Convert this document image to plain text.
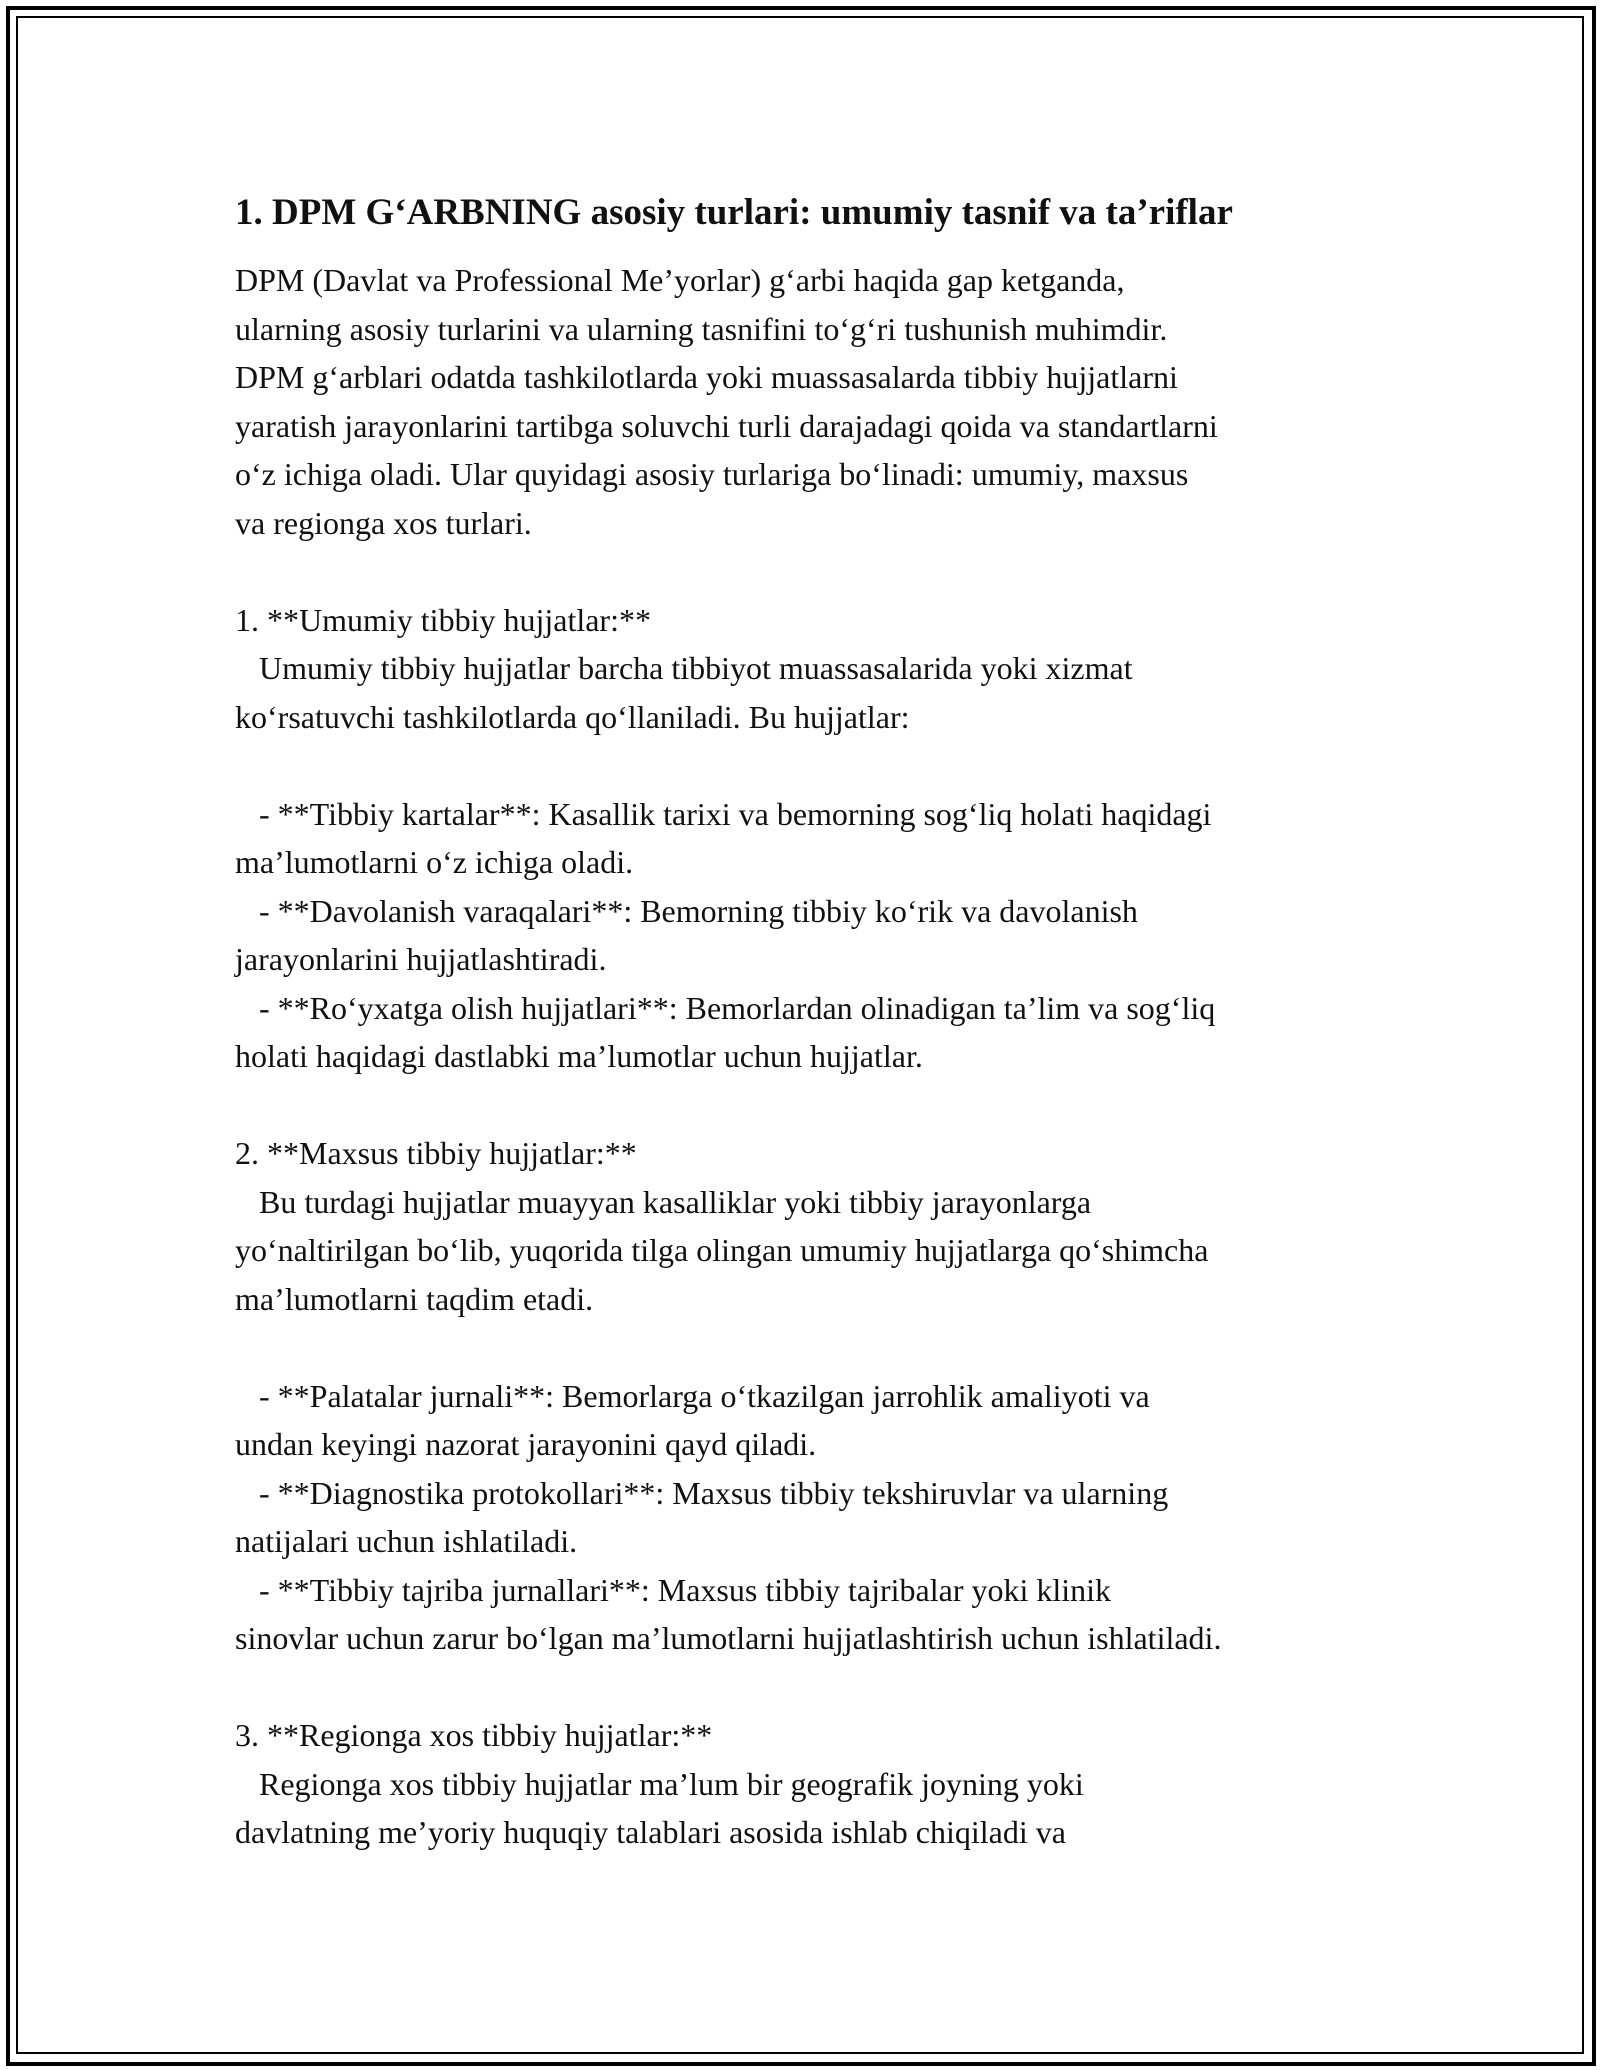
1. DPM G‘ARBNING asosiy turlari: umumiy tasnif va ta’riflar
DPM (Davlat va Professional Me’yorlar) g‘arbi haqida gap ketganda,
ularning asosiy turlarini va ularning tasnifini to‘g‘ri tushunish muhimdir.
DPM g‘arblari odatda tashkilotlarda yoki muassasalarda tibbiy hujjatlarni
yaratish jarayonlarini tartibga soluvchi turli darajadagi qoida va standartlarni
o‘z ichiga oladi. Ular quyidagi asosiy turlariga bo‘linadi: umumiy, maxsus
va regionga xos turlari.
1. **Umumiy tibbiy hujjatlar:**
Umumiy tibbiy hujjatlar barcha tibbiyot muassasalarida yoki xizmat
ko‘rsatuvchi tashkilotlarda qo‘llaniladi. Bu hujjatlar:
- **Tibbiy kartalar**: Kasallik tarixi va bemorning sog‘liq holati haqidagi
ma’lumotlarni o‘z ichiga oladi.
- **Davolanish varaqalari**: Bemorning tibbiy ko‘rik va davolanish
jarayonlarini hujjatlashtiradi.
- **Ro‘yxatga olish hujjatlari**: Bemorlardan olinadigan ta’lim va sog‘liq
holati haqidagi dastlabki ma’lumotlar uchun hujjatlar.
2. **Maxsus tibbiy hujjatlar:**
Bu turdagi hujjatlar muayyan kasalliklar yoki tibbiy jarayonlarga
yo‘naltirilgan bo‘lib, yuqorida tilga olingan umumiy hujjatlarga qo‘shimcha
ma’lumotlarni taqdim etadi.
- **Palatalar jurnali**: Bemorlarga o‘tkazilgan jarrohlik amaliyoti va
undan keyingi nazorat jarayonini qayd qiladi.
- **Diagnostika protokollari**: Maxsus tibbiy tekshiruvlar va ularning
natijalari uchun ishlatiladi.
- **Tibbiy tajriba jurnallari**: Maxsus tibbiy tajribalar yoki klinik
sinovlar uchun zarur bo‘lgan ma’lumotlarni hujjatlashtirish uchun ishlatiladi.
3. **Regionga xos tibbiy hujjatlar:**
Regionga xos tibbiy hujjatlar ma’lum bir geografik joyning yoki
davlatning me’yoriy huquqiy talablari asosida ishlab chiqiladi va
